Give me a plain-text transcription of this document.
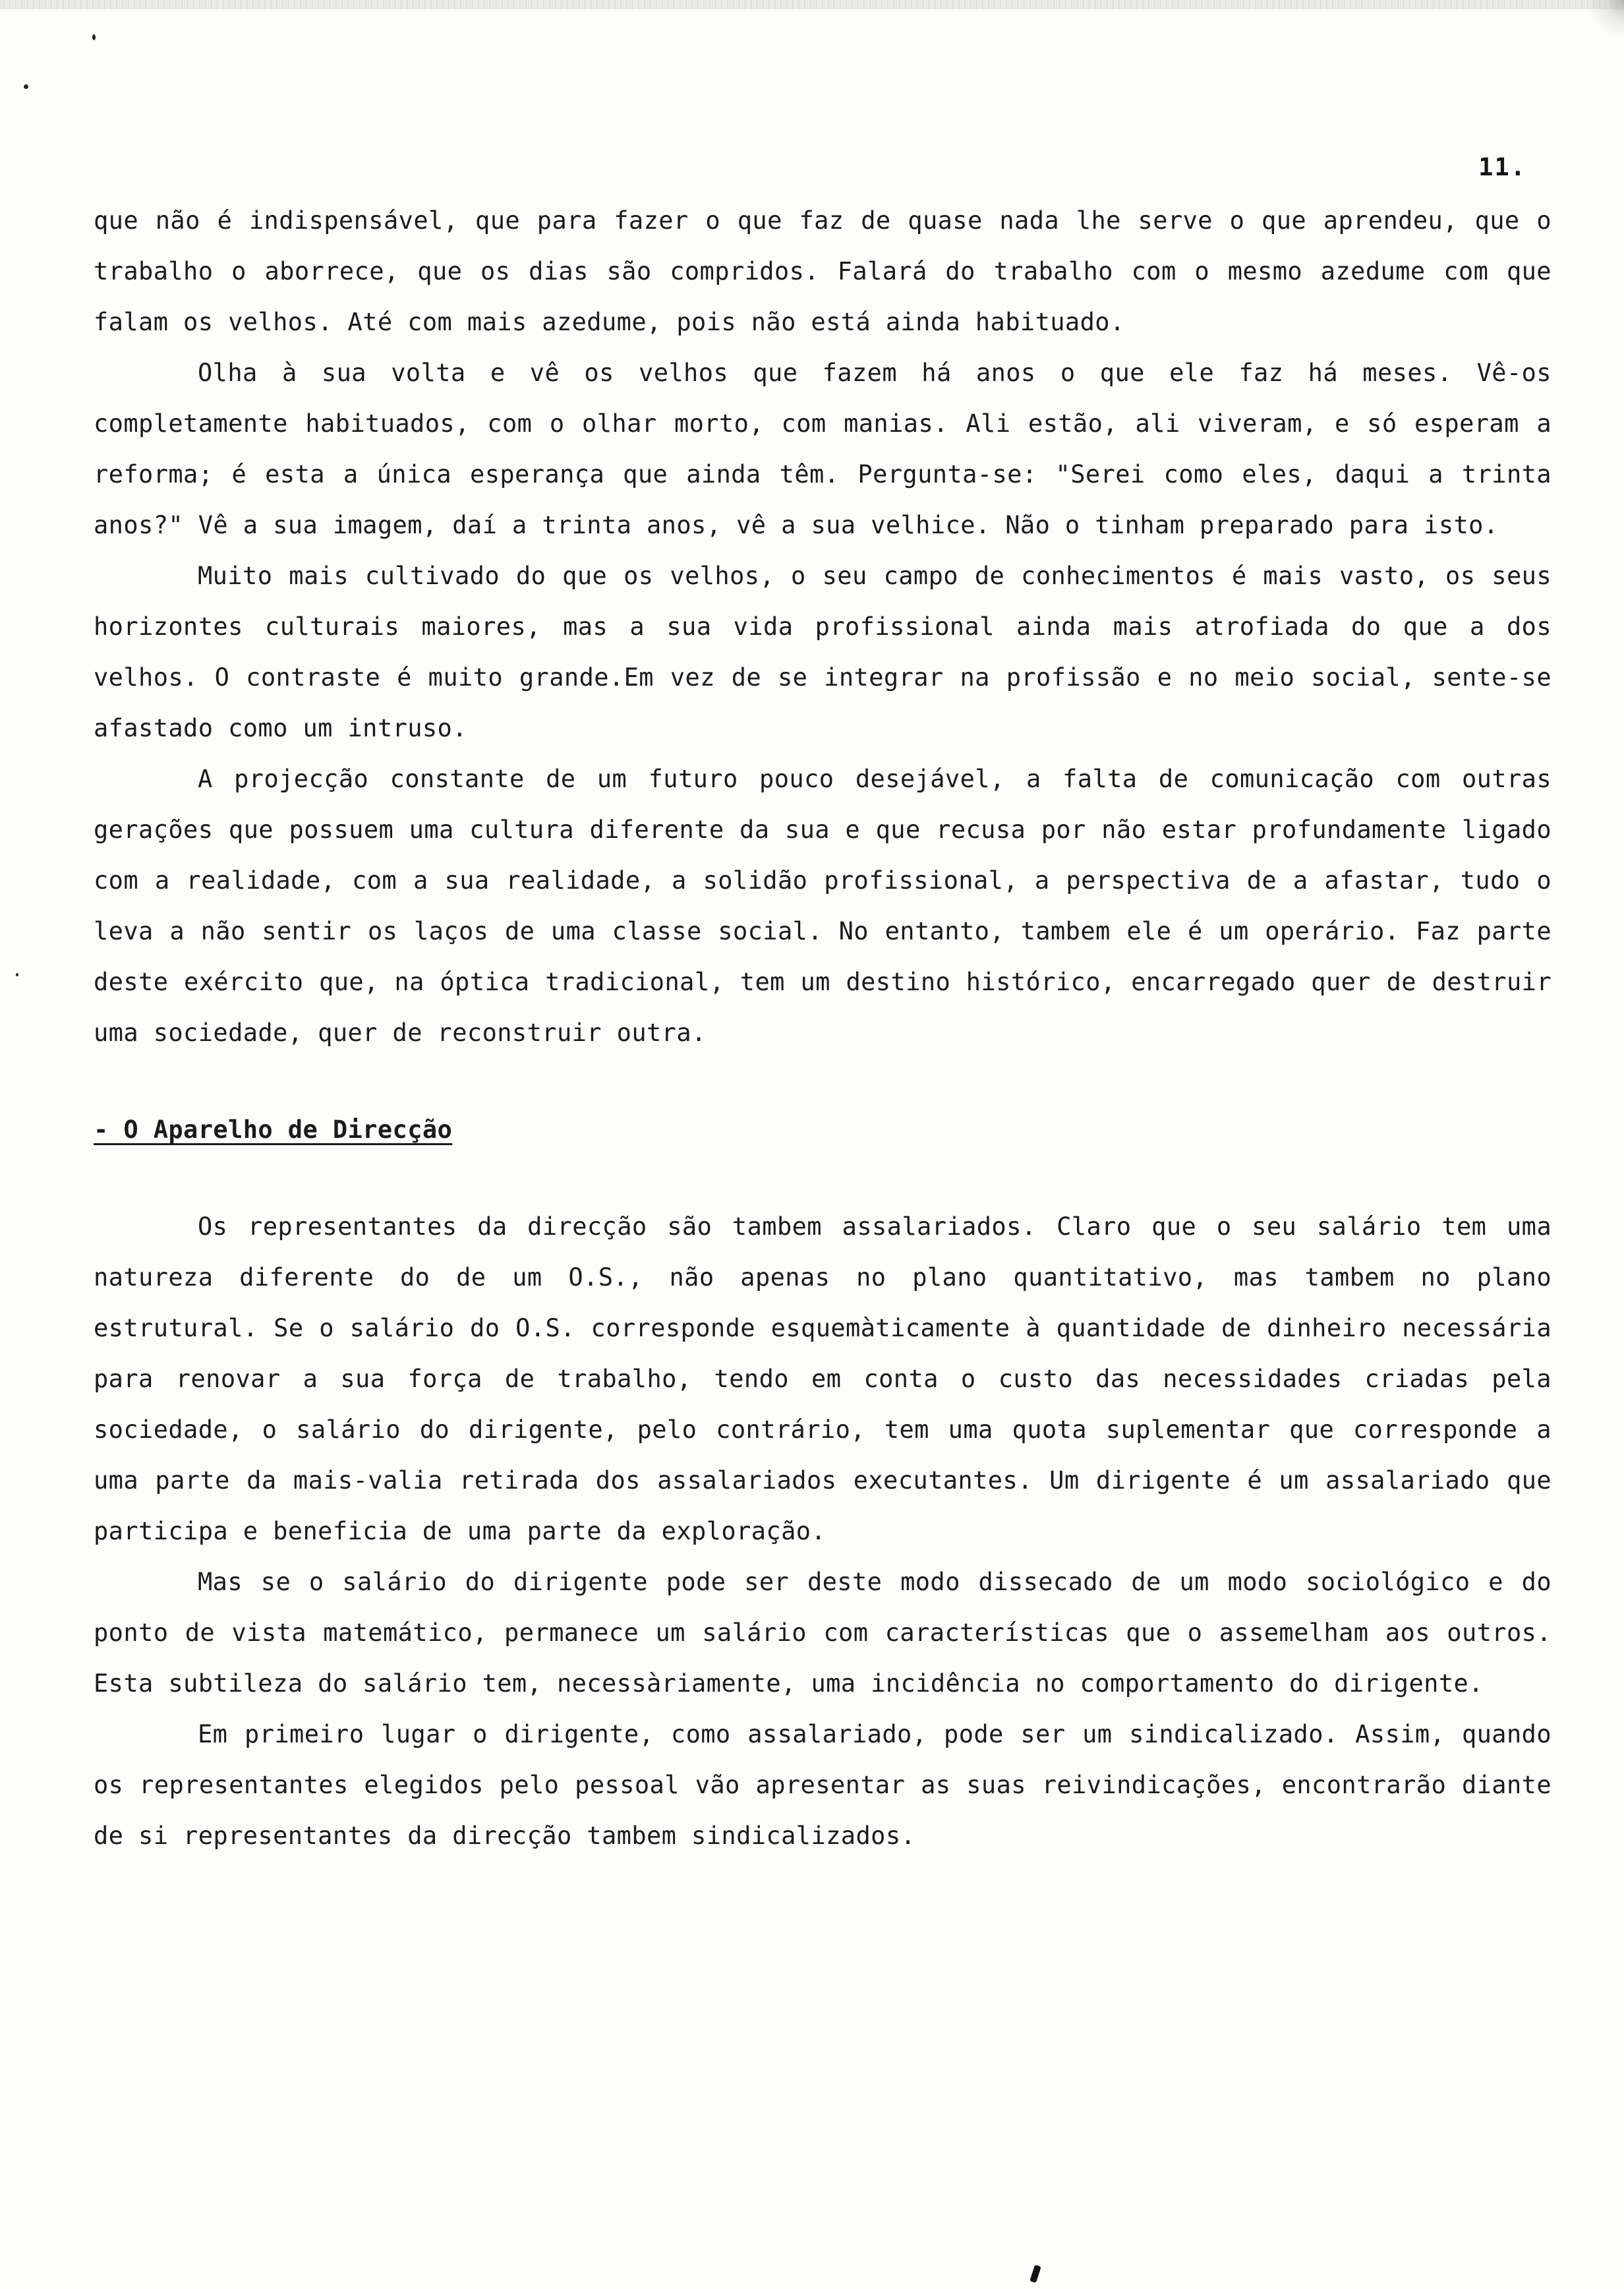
11.

que não é indispensável, que para fazer o que faz de quase nada lhe serve o que aprendeu, que o trabalho o aborrece, que os dias são compridos. Falará do trabalho com o mesmo azedume com que falam os velhos. Até com mais azedume, pois não está ainda habituado.

Olha à sua volta e vê os velhos que fazem há anos o que ele faz há meses. Vê-os completamente habituados, com o olhar morto, com manias. Ali estão, ali viveram, e só esperam a reforma; é esta a única esperança que ainda têm. Pergunta-se: "Serei como eles, daqui a trinta anos?" Vê a sua imagem, daí a trinta anos, vê a sua velhice. Não o tinham preparado para isto.

Muito mais cultivado do que os velhos, o seu campo de conhecimentos é mais vasto, os seus horizontes culturais maiores, mas a sua vida profissional ainda mais atrofiada do que a dos velhos. O contraste é muito grande.Em vez de se integrar na profissão e no meio social, sente-se afastado como um intruso.

A projecção constante de um futuro pouco desejável, a falta de comunicação com outras gerações que possuem uma cultura diferente da sua e que recusa por não estar profundamente ligado com a realidade, com a sua realidade, a solidão profissional, a perspectiva de a afastar, tudo o leva a não sentir os laços de uma classe social. No entanto, tambem ele é um operário. Faz parte deste exército que, na óptica tradicional, tem um destino histórico, encarregado quer de destruir uma sociedade, quer de reconstruir outra.

- O Aparelho de Direcção

Os representantes da direcção são tambem assalariados. Claro que o seu salário tem uma natureza diferente do de um O.S., não apenas no plano quantitativo, mas tambem no plano estrutural. Se o salário do O.S. corresponde esquemàticamente à quantidade de dinheiro necessária para renovar a sua força de trabalho, tendo em conta o custo das necessidades criadas pela sociedade, o salário do dirigente, pelo contrário, tem uma quota suplementar que corresponde a uma parte da mais-valia retirada dos assalariados executantes. Um dirigente é um assalariado que participa e beneficia de uma parte da exploração.

Mas se o salário do dirigente pode ser deste modo dissecado de um modo sociológico e do ponto de vista matemático, permanece um salário com características que o assemelham aos outros. Esta subtileza do salário tem, necessàriamente, uma incidência no comportamento do dirigente.

Em primeiro lugar o dirigente, como assalariado, pode ser um sindicalizado. Assim, quando os representantes elegidos pelo pessoal vão apresentar as suas reivindicações, encontrarão diante de si representantes da direcção tambem sindicalizados.
